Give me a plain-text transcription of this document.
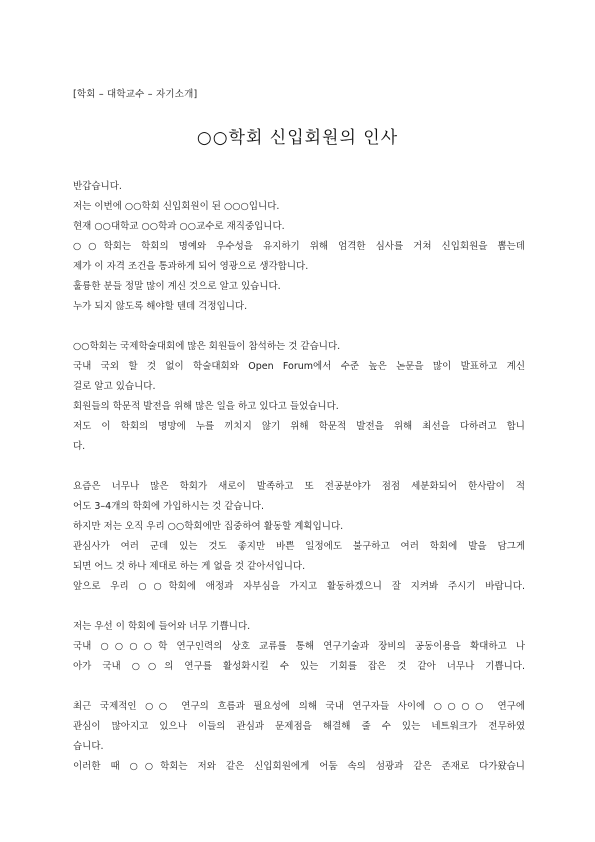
[학회 – 대학교수 – 자기소개]
○○학회 신입회원의 인사
반갑습니다.
저는 이번에 ○○학회 신입회원이 된 ○○○입니다.
현재 ○○대학교 ○○학과 ○○교수로 재직중입니다.
○○학회는 학회의 명예와 우수성을 유지하기 위해 엄격한 심사를 거쳐 신입회원을 뽑는데
제가 이 자격 조건을 통과하게 되어 영광으로 생각합니다.
훌륭한 분들 정말 많이 계신 것으로 알고 있습니다.
누가 되지 않도록 해야할 텐데 걱정입니다.
○○학회는 국제학술대회에 많은 회원들이 참석하는 것 같습니다.
국내 국외 할 것 없이 학술대회와 Open Forum에서 수준 높은 논문을 많이 발표하고 계신
걸로 알고 있습니다.
회원들의 학문적 발전을 위해 많은 일을 하고 있다고 들었습니다.
저도 이 학회의 명망에 누를 끼치지 않기 위해 학문적 발전을 위해 최선을 다하려고 합니
다.
요즘은 너무나 많은 학회가 새로이 발족하고 또 전공분야가 점점 세분화되어 한사람이 적
어도 3–4개의 학회에 가입하시는 것 같습니다.
하지만 저는 오직 우리 ○○학회에만 집중하여 활동할 계획입니다.
관심사가 여러 군데 있는 것도 좋지만 바쁜 일정에도 불구하고 여러 학회에 발을 담그게
되면 어느 것 하나 제대로 하는 게 없을 것 같아서입니다.
앞으로 우리 ○○학회에 애정과 자부심을 가지고 활동하겠으니 잘 지켜봐 주시기 바랍니다.
저는 우선 이 학회에 들어와 너무 기쁩니다.
국내 ○○○○학 연구인력의 상호 교류를 통해 연구기술과 장비의 공동이용을 확대하고 나
아가 국내 ○○의 연구를 활성화시킬 수 있는 기회를 잡은 것 같아 너무나 기쁩니다.
최근 국제적인 ○○ 연구의 흐름과 필요성에 의해 국내 연구자들 사이에 ○○○○ 연구에
관심이 많아지고 있으나 이들의 관심과 문제점을 해결해 줄 수 있는 네트워크가 전무하였
습니다.
이러한 때 ○○학회는 저와 같은 신입회원에게 어둠 속의 섬광과 같은 존재로 다가왔습니
